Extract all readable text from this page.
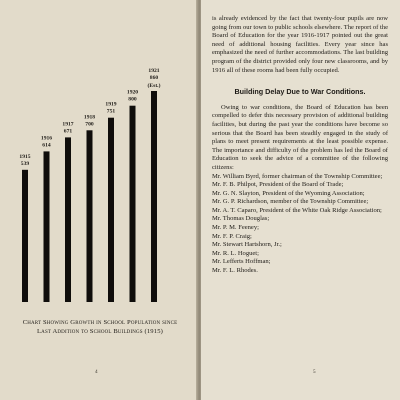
1915
539
1916
614
1917
671
1918
700
1919
751
1920
800
1921
860
(Est.)
Chart Showing Growth in School Population since
Last Addition to School Buildings (1915)
4	5

is already evidenced by the fact that twenty-four pupils are now going from our town to public schools elsewhere. The report of the Board of Education for the year 1916-1917 pointed out the great need of additional housing facilities. Every year since has emphasized the need of further accommodations. The last building program of the district provided only four new classrooms, and by 1916 all of these rooms had been fully occupied.

Building Delay Due to War Conditions.

Owing to war conditions, the Board of Education has been compelled to defer this necessary provision of additional building facilities, but during the past year the conditions have become so serious that the Board has been steadily engaged in the study of plans to meet present requirements at the least possible expense. The importance and difficulty of the problem has led the Board of Education to seek the advice of a committee of the following citizens:

Mr. William Byrd, former chairman of the Township Committee;
Mr. F. B. Philpot, President of the Board of Trade;
Mr. G. N. Slayton, President of the Wyoming Association;
Mr. G. P. Richardson, member of the Township Committee;
Mr. A. T. Caparo, President of the White Oak Ridge Association;
Mr. Thomas Douglas;
Mr. P. M. Feeney;
Mr. F. P. Craig;
Mr. Stewart Hartshorn, Jr.;
Mr. R. L. Hoguet;
Mr. Lefferts Hoffman;
Mr. F. L. Rhodes.
